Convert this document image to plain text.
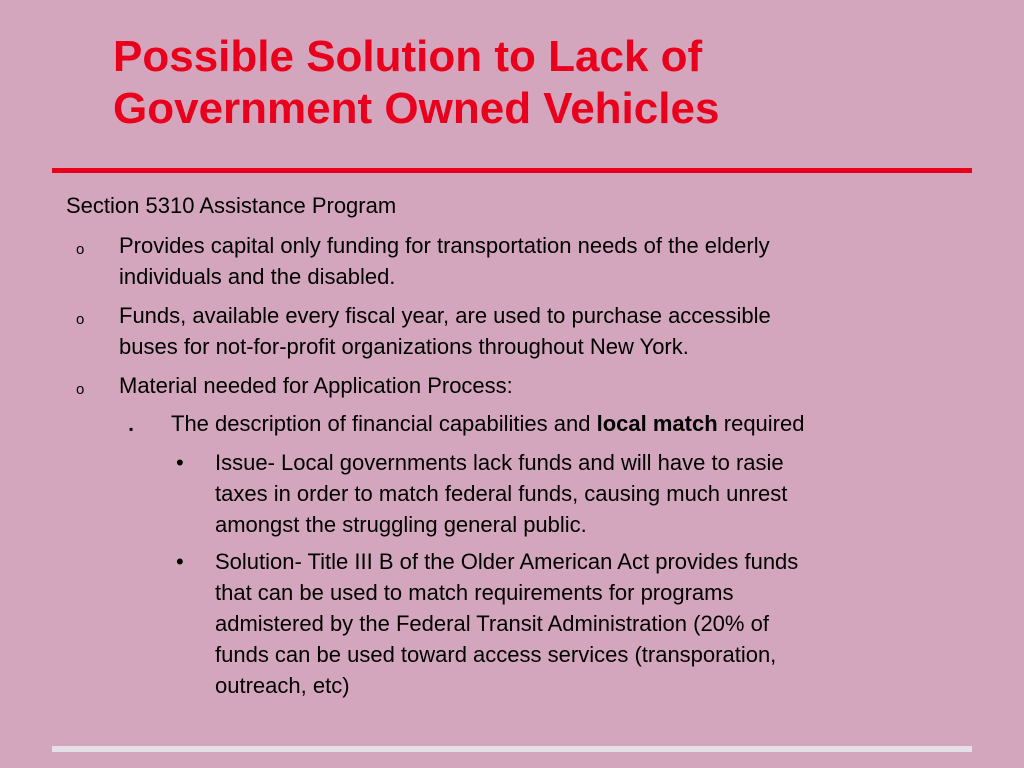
Possible Solution to Lack of
Government Owned Vehicles
Section 5310 Assistance Program
o Provides capital only funding for transportation needs of the elderly
individuals and the disabled.
o Funds, available every fiscal year, are used to purchase accessible
buses for not-for-profit organizations throughout New York.
o Material needed for Application Process:
▪ The description of financial capabilities and local match required
• Issue- Local governments lack funds and will have to rasie
taxes in order to match federal funds, causing much unrest
amongst the struggling general public.
• Solution- Title III B of the Older American Act provides funds
that can be used to match requirements for programs
admistered by the Federal Transit Administration (20% of
funds can be used toward access services (transporation,
outreach, etc)
